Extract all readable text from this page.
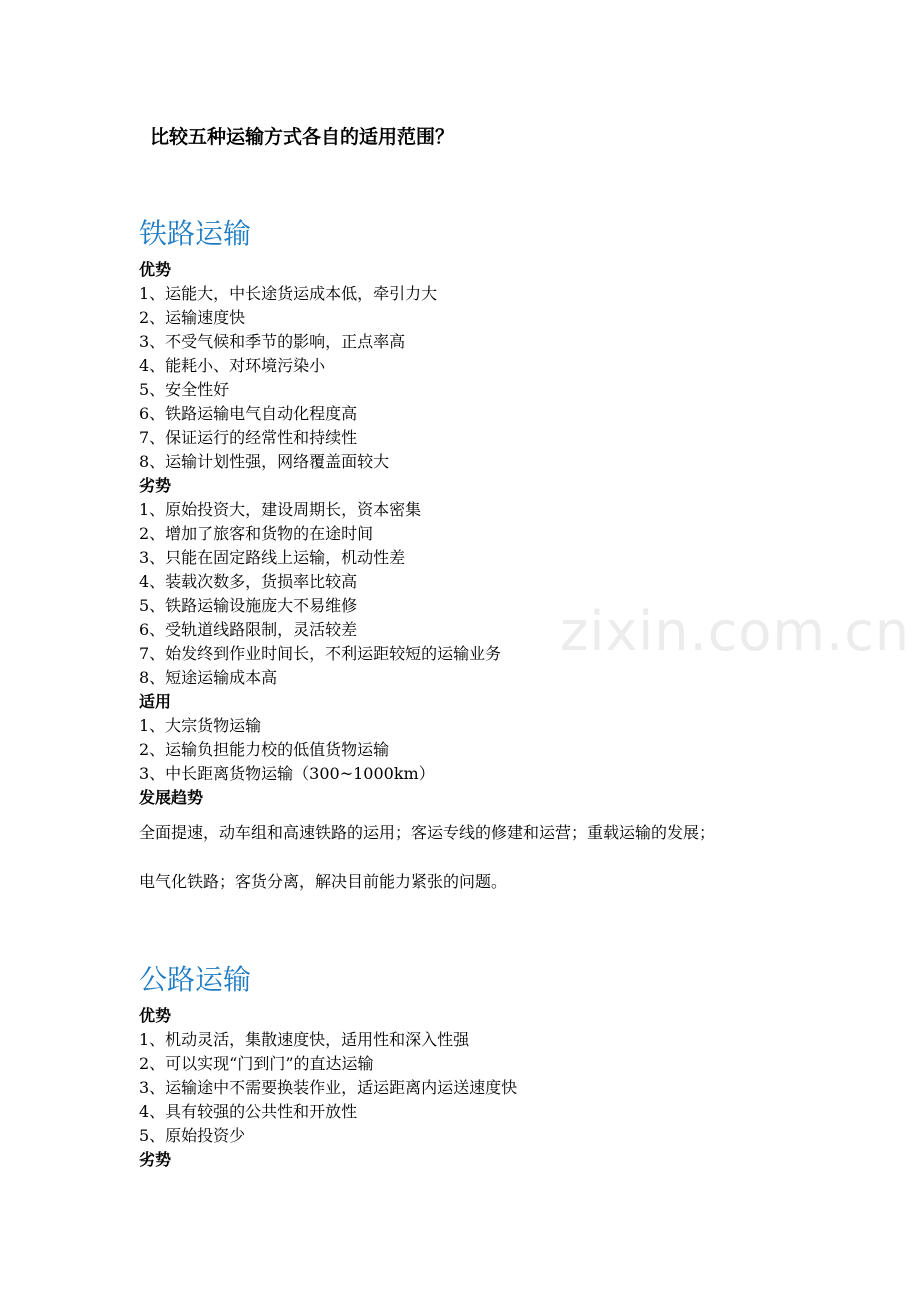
比较五种运输方式各自的适用范围？
zixin.com.cn
铁路运输
优势
1、运能大，中长途货运成本低，牵引力大
2、运输速度快
3、不受气候和季节的影响，正点率高
4、能耗小、对环境污染小
5、安全性好
6、铁路运输电气自动化程度高
7、保证运行的经常性和持续性
8、运输计划性强，网络覆盖面较大
劣势
1、原始投资大，建设周期长，资本密集
2、增加了旅客和货物的在途时间
3、只能在固定路线上运输，机动性差
4、装载次数多，货损率比较高
5、铁路运输设施庞大不易维修
6、受轨道线路限制，灵活较差
7、始发终到作业时间长，不利运距较短的运输业务
8、短途运输成本高
适用
1、大宗货物运输
2、运输负担能力校的低值货物运输
3、中长距离货物运输（300~1000km）
发展趋势
全面提速，动车组和高速铁路的运用；客运专线的修建和运营；重载运输的发展；
电气化铁路；客货分离，解决目前能力紧张的问题。
公路运输
优势
1、机动灵活，集散速度快，适用性和深入性强
2、可以实现“门到门”的直达运输
3、运输途中不需要换装作业，适运距离内运送速度快
4、具有较强的公共性和开放性
5、原始投资少
劣势
